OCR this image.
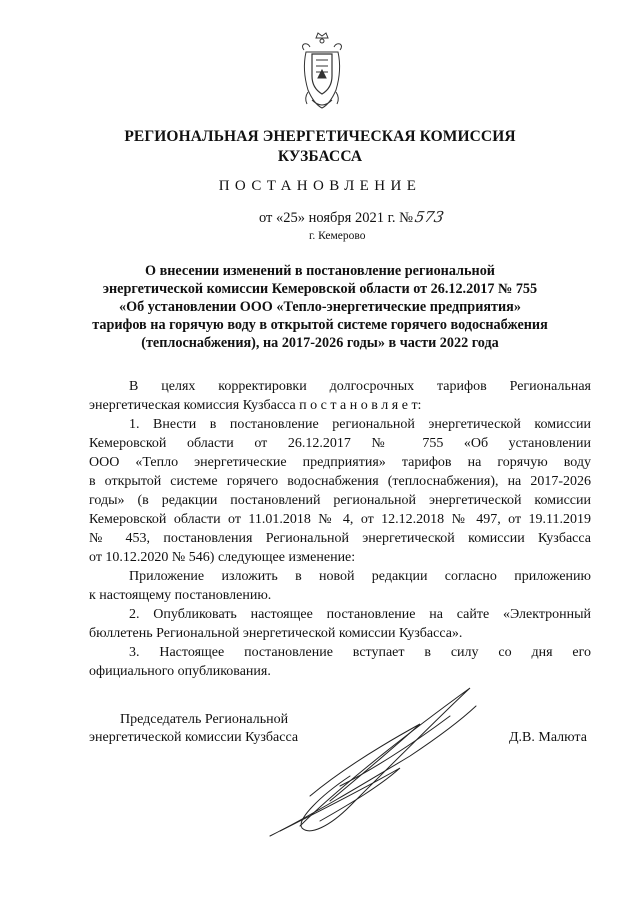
РЕГИОНАЛЬНАЯ ЭНЕРГЕТИЧЕСКАЯ КОМИССИЯ
КУЗБАССА
ПОСТАНОВЛЕНИЕ
от «25» ноября 2021 г. №573
г. Кемерово
О внесении изменений в постановление региональной
энергетической комиссии Кемеровской области от 26.12.2017 № 755
«Об установлении ООО «Тепло-энергетические предприятия»
тарифов на горячую воду в открытой системе горячего водоснабжения
(теплоснабжения), на 2017-2026 годы» в части 2022 года
В целях корректировки долгосрочных тарифов Региональная
энергетическая комиссия Кузбасса п о с т а н о в л я е т:
1. Внести в постановление региональной энергетической комиссии
Кемеровской области от 26.12.2017 № 755 «Об установлении
ООО «Тепло энергетические предприятия» тарифов на горячую воду
в открытой системе горячего водоснабжения (теплоснабжения), на 2017-2026
годы» (в редакции постановлений региональной энергетической комиссии
Кемеровской области от 11.01.2018 № 4, от 12.12.2018 № 497, от 19.11.2019
№ 453, постановления Региональной энергетической комиссии Кузбасса
от 10.12.2020 № 546) следующее изменение:
Приложение изложить в новой редакции согласно приложению
к настоящему постановлению.
2. Опубликовать настоящее постановление на сайте «Электронный
бюллетень Региональной энергетической комиссии Кузбасса».
3. Настоящее постановление вступает в силу со дня его
официального опубликования.
Председатель Региональной
энергетической комиссии Кузбасса	Д.В. Малюта
